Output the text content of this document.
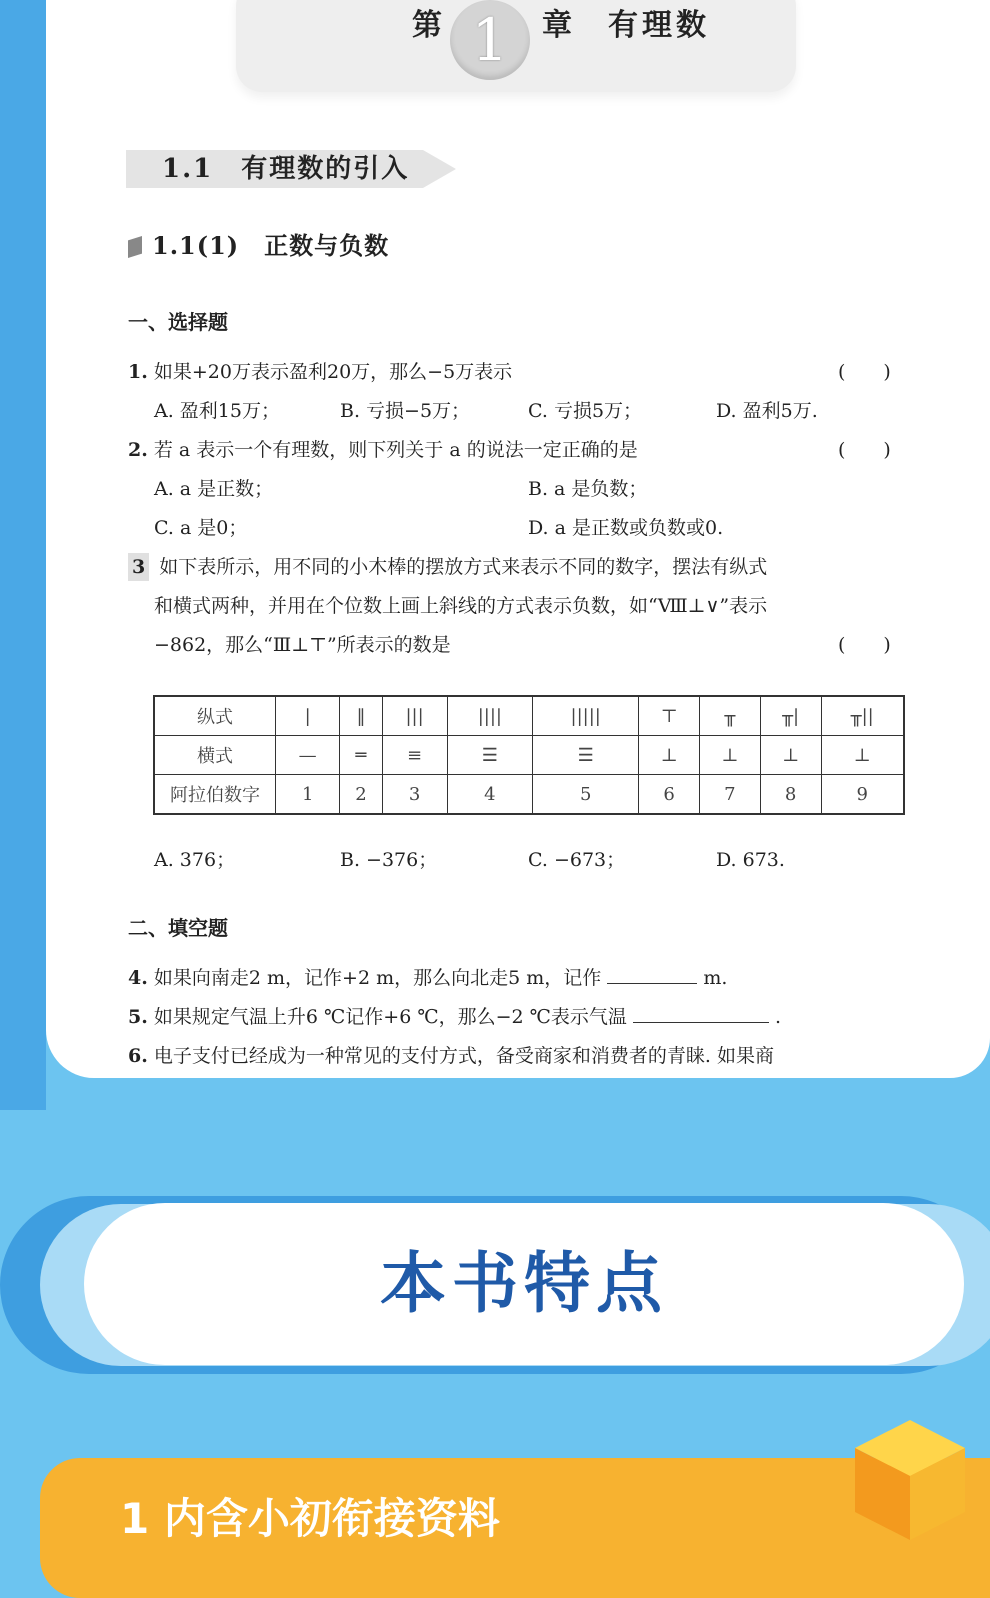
第 1	章 有理数
1.1　有理数的引入
1.1(1)　正数与负数
一、选择题
1. 如果+20万表示盈利20万，那么−5万表示	(　　)
A. 盈利15万；	B. 亏损−5万；	C. 亏损5万；	D. 盈利5万.
2. 若 a 表示一个有理数，则下列关于 a 的说法一定正确的是	(　　)
A. a 是正数；	B. a 是负数；
C. a 是0；	D. a 是正数或负数或0.
3 如下表所示，用不同的小木棒的摆放方式来表示不同的数字，摆法有纵式
和横式两种，并用在个位数上画上斜线的方式表示负数，如“Ⅷ⊥∨”表示
−862，那么“Ⅲ⊥⊤”所表示的数是	(　　)
纵式	|	‖	|||	||||	|||||	⊤	╥	╥|	╥||
横式	—	═	≡	☰	☰	⊥	⊥	⊥	⊥
阿拉伯数字	1	2	3	4	5	6	7	8	9
A. 376；	B. −376；	C. −673；	D. 673.
二、填空题
4. 如果向南走2 m，记作+2 m，那么向北走5 m，记作	m.
5. 如果规定气温上升6 ℃记作+6 ℃，那么−2 ℃表示气温	.
6. 电子支付已经成为一种常见的支付方式，备受商家和消费者的青睐. 如果商
本书特点
1 内含小初衔接资料
